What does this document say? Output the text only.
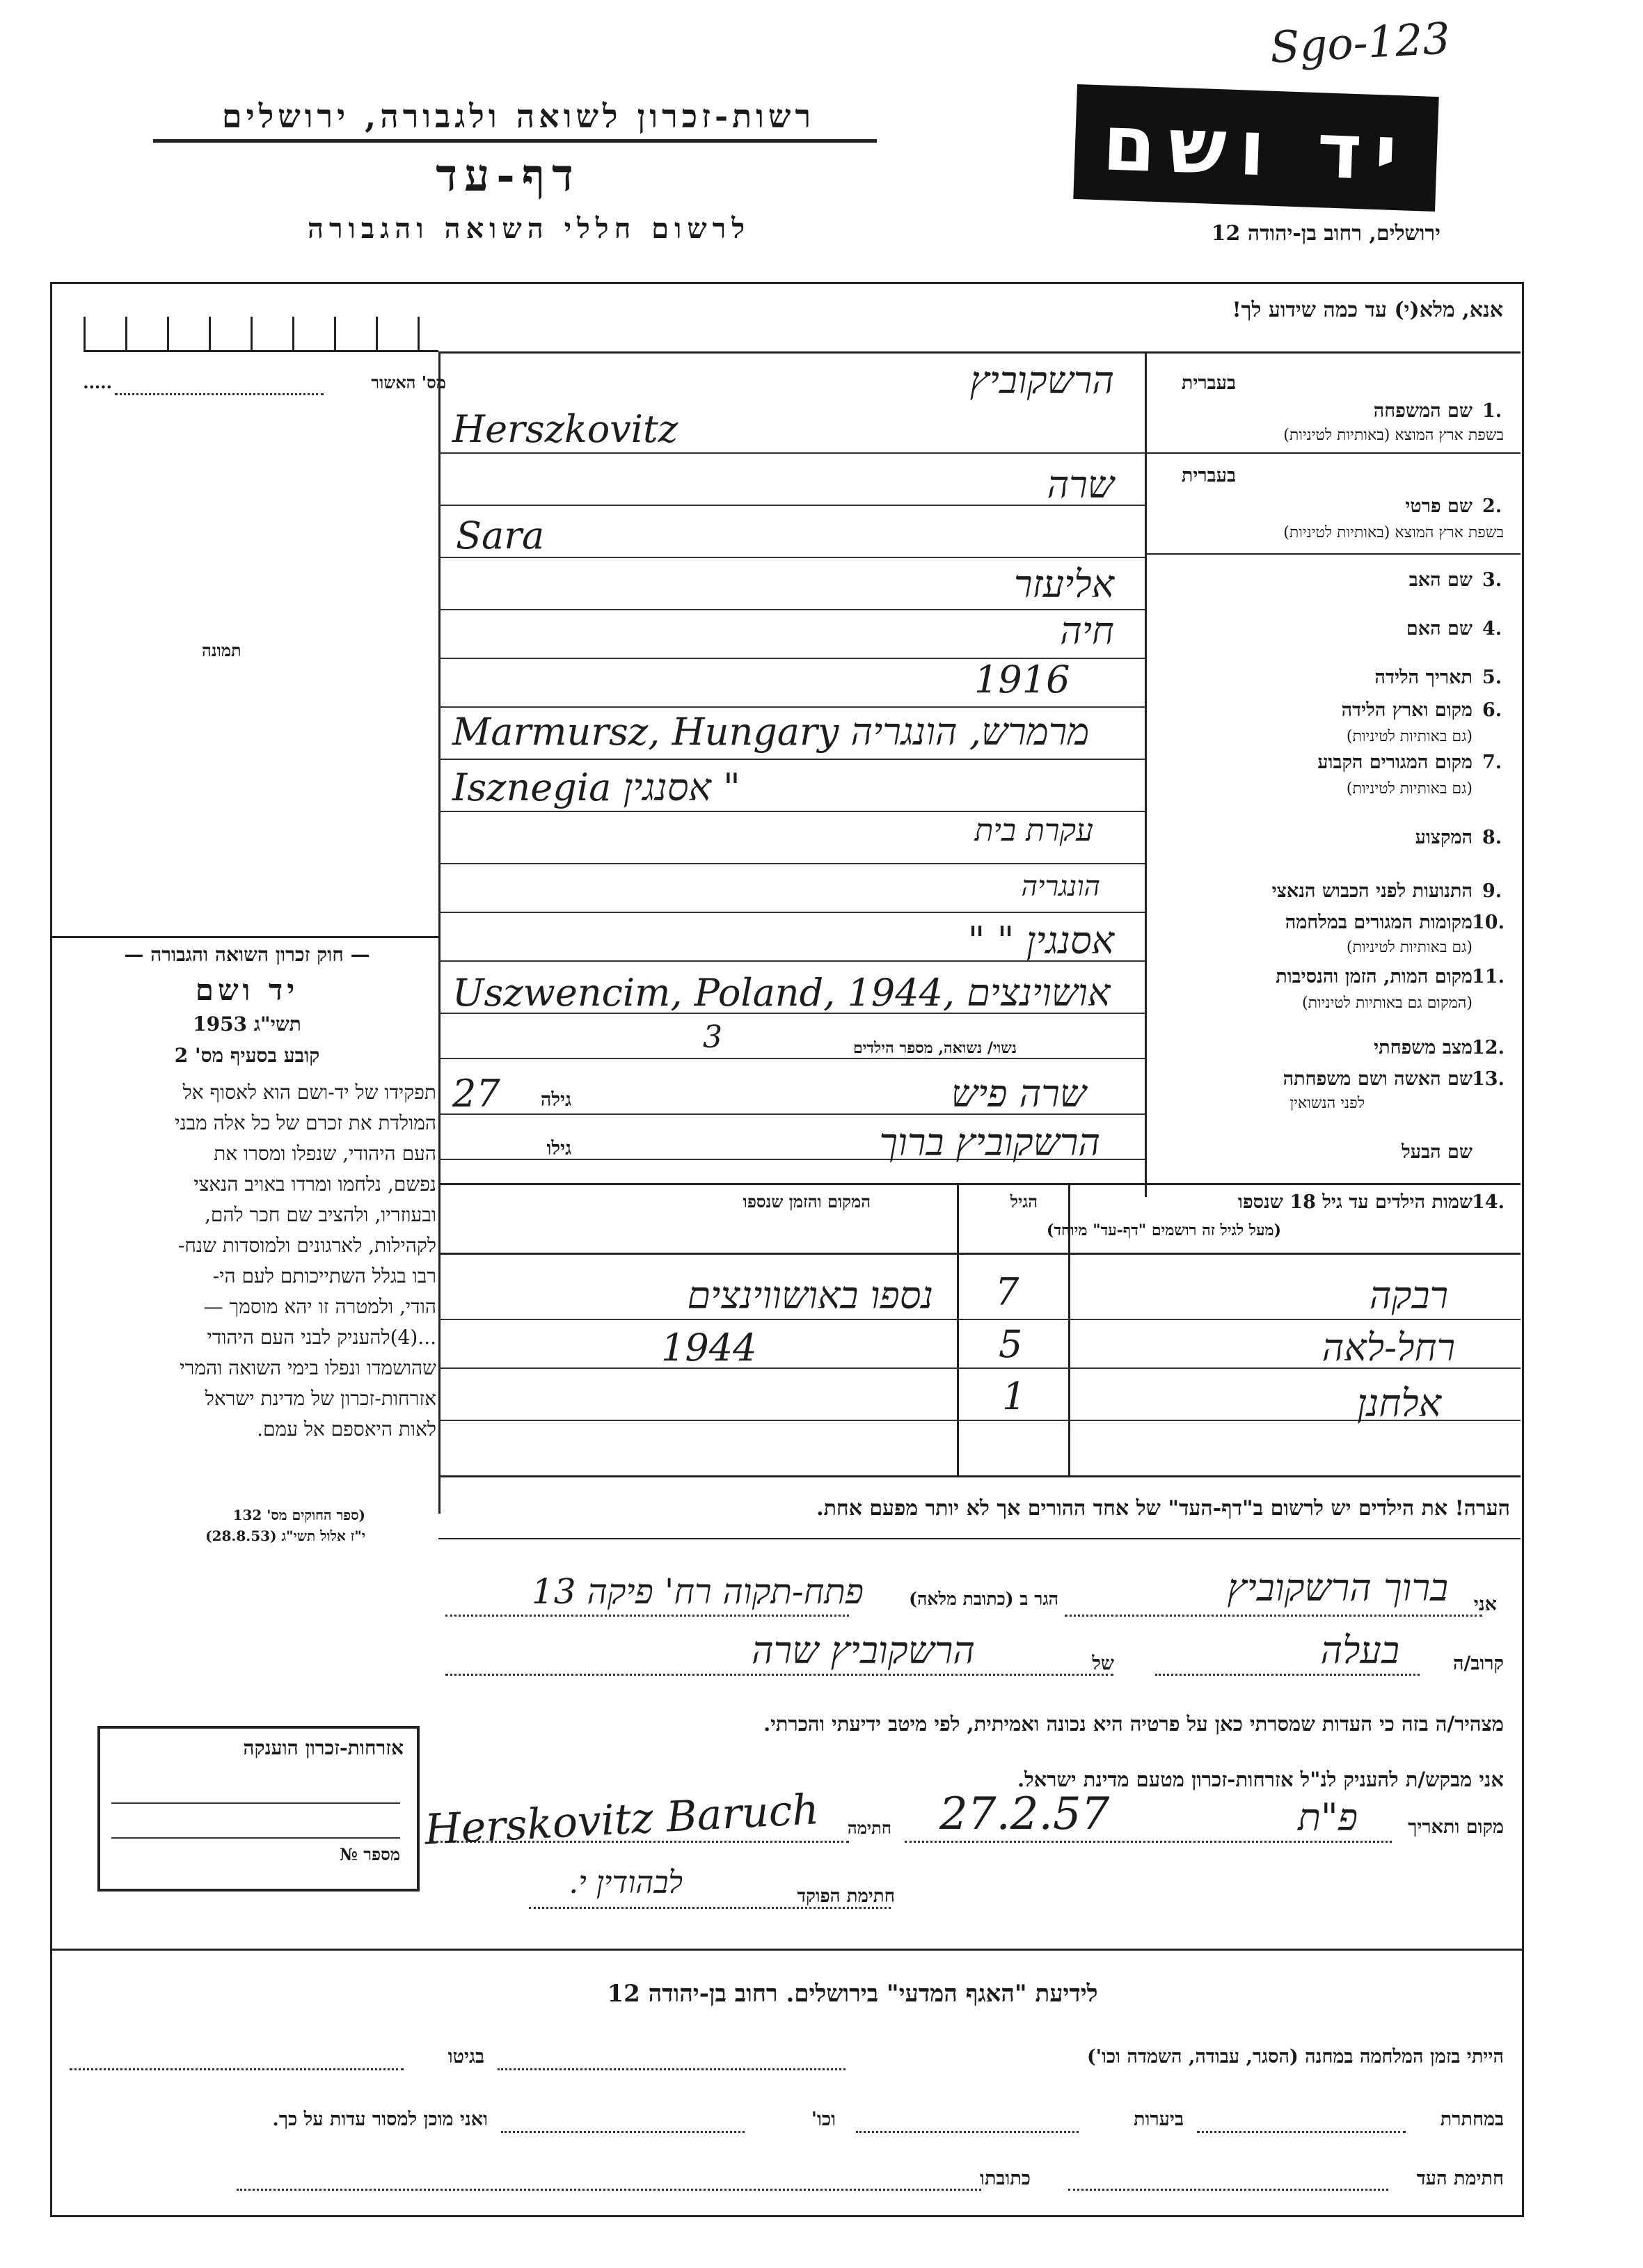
Sgo-123
רשות-זכרון לשואה ולגבורה, ירושלים
דף-עד
לרשום חללי השואה והגבורה
יד ושם
ירושלים, רחוב בן-יהודה 12
אנא, מלא(י) עד כמה שידוע לך!
מס' האשור
.....
תמונה
— חוק זכרון השואה והגבורה —
יד ושם
תשי"ג 1953
קובע בסעיף מס' 2
תפקידו של יד-ושם הוא לאסוף אל
המולדת את זכרם של כל אלה מבני
העם היהודי, שנפלו ומסרו את
נפשם, נלחמו ומרדו באויב הנאצי
ובעוזריו, ולהציב שם חכר להם,
לקהילות, לארגונים ולמוסדות שנח-
רבו בגלל השתייכותם לעם הי-
הודי, ולמטרה זו יהא מוסמך —
...(4)להעניק לבני העם היהודי
שהושמדו ונפלו בימי השואה והמרי
אזרחות-זכרון של מדינת ישראל
לאות היאספם אל עמם.
(ספר החוקים מס' 132
י"ז אלול תשי"ג (28.8.53)
אזרחות-זכרון הוענקה
מספר №
בעברית
1.
שם המשפחה
בשפת ארץ המוצא (באותיות לטיניות)
הרשקוביץ
Herszkovitz
בעברית
2.
שם פרטי
בשפת ארץ המוצא (באותיות לטיניות)
שרה
Sara
3.
שם האב
אליעזר
4.
שם האם
חיה
5.
תאריך הלידה
1916
6.
מקום וארץ הלידה
(גם באותיות לטיניות)
Marmursz, Hungary מרמרש, הונגריה
7.
מקום המגורים הקבוע
(גם באותיות לטיניות)
Isznegia אסנגין "
8.
המקצוע
עקרת בית
9.
התנועות לפני הכבוש הנאצי
הונגריה
10.
מקומות המגורים במלחמה
(גם באותיות לטיניות)
אסנגין " "
11.
מקום המות, הזמן והנסיבות
(המקום גם באותיות לטיניות)
Uszwencim, Poland, 1944, אושוינצים
12.
מצב משפחתי
נשוי/ נשואה, מספר הילדים
3
13.
שם האשה ושם משפחתה
לפני הנשואין
שרה פיש
גילה
27
שם הבעל
הרשקוביץ ברוך
גילו
14.
שמות הילדים עד גיל 18 שנספו
(מעל לגיל זה רושמים "דף-עד" מיוחד)
הגיל
המקום והזמן שנספו
רבקה
7
נספו באושווינצים
רחל-לאה
5
1944
אלחנן
1
הערה! את הילדים יש לרשום ב"דף-העד" של אחד ההורים אך לא יותר מפעם אחת.
אני
ברוך הרשקוביץ
הגר ב (כתובת מלאה)
פתח-תקוה רח' פיקה 13
קרוב/ה
בעלה
של
הרשקוביץ שרה
מצהיר/ה בזה כי העדות שמסרתי כאן על פרטיה היא נכונה ואמיתית, לפי מיטב ידיעתי והכרתי.
אני מבקש/ת להעניק לנ"ל אזרחות-זכרון מטעם מדינת ישראל.
מקום ותאריך
פ"ת
27.2.57
חתימה
Herskovitz Baruch
חתימת הפוקד
לבהודין י.
לידיעת "האגף המדעי" בירושלים. רחוב בן-יהודה 12
הייתי בזמן המלחמה במחנה (הסגר, עבודה, השמדה וכו')
בגיטו
במחתרת
ביערות
וכו'
ואני מוכן למסור עדות על כך.
חתימת העד
כתובתו
